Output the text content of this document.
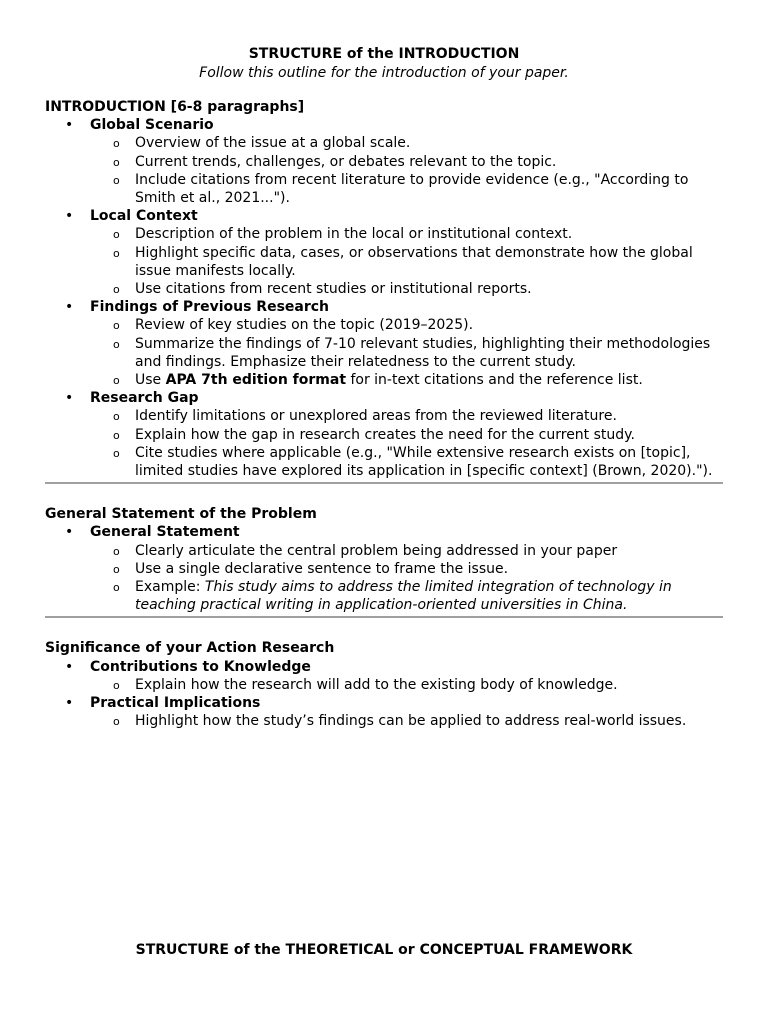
STRUCTURE of the INTRODUCTION
Follow this outline for the introduction of your paper.
INTRODUCTION [6-8 paragraphs]
• Global Scenario
o Overview of the issue at a global scale.
o Current trends, challenges, or debates relevant to the topic.
o Include citations from recent literature to provide evidence (e.g., "According to Smith et al., 2021...").
• Local Context
o Description of the problem in the local or institutional context.
o Highlight specific data, cases, or observations that demonstrate how the global issue manifests locally.
o Use citations from recent studies or institutional reports.
• Findings of Previous Research
o Review of key studies on the topic (2019–2025).
o Summarize the findings of 7-10 relevant studies, highlighting their methodologies and findings. Emphasize their relatedness to the current study.
o Use APA 7th edition format for in-text citations and the reference list.
• Research Gap
o Identify limitations or unexplored areas from the reviewed literature.
o Explain how the gap in research creates the need for the current study.
o Cite studies where applicable (e.g., "While extensive research exists on [topic], limited studies have explored its application in [specific context] (Brown, 2020).").
General Statement of the Problem
• General Statement
o Clearly articulate the central problem being addressed in your paper
o Use a single declarative sentence to frame the issue.
o Example: This study aims to address the limited integration of technology in teaching practical writing in application-oriented universities in China.
Significance of your Action Research
• Contributions to Knowledge
o Explain how the research will add to the existing body of knowledge.
• Practical Implications
o Highlight how the study’s findings can be applied to address real-world issues.
STRUCTURE of the THEORETICAL or CONCEPTUAL FRAMEWORK
